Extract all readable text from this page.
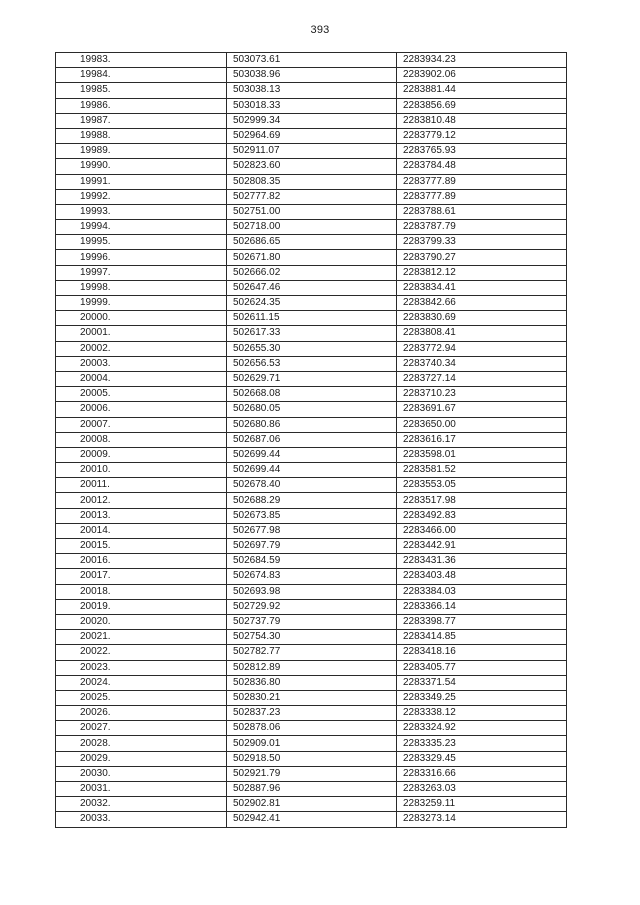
393
19983.	503073.61	2283934.23
19984.	503038.96	2283902.06
19985.	503038.13	2283881.44
19986.	503018.33	2283856.69
19987.	502999.34	2283810.48
19988.	502964.69	2283779.12
19989.	502911.07	2283765.93
19990.	502823.60	2283784.48
19991.	502808.35	2283777.89
19992.	502777.82	2283777.89
19993.	502751.00	2283788.61
19994.	502718.00	2283787.79
19995.	502686.65	2283799.33
19996.	502671.80	2283790.27
19997.	502666.02	2283812.12
19998.	502647.46	2283834.41
19999.	502624.35	2283842.66
20000.	502611.15	2283830.69
20001.	502617.33	2283808.41
20002.	502655.30	2283772.94
20003.	502656.53	2283740.34
20004.	502629.71	2283727.14
20005.	502668.08	2283710.23
20006.	502680.05	2283691.67
20007.	502680.86	2283650.00
20008.	502687.06	2283616.17
20009.	502699.44	2283598.01
20010.	502699.44	2283581.52
20011.	502678.40	2283553.05
20012.	502688.29	2283517.98
20013.	502673.85	2283492.83
20014.	502677.98	2283466.00
20015.	502697.79	2283442.91
20016.	502684.59	2283431.36
20017.	502674.83	2283403.48
20018.	502693.98	2283384.03
20019.	502729.92	2283366.14
20020.	502737.79	2283398.77
20021.	502754.30	2283414.85
20022.	502782.77	2283418.16
20023.	502812.89	2283405.77
20024.	502836.80	2283371.54
20025.	502830.21	2283349.25
20026.	502837.23	2283338.12
20027.	502878.06	2283324.92
20028.	502909.01	2283335.23
20029.	502918.50	2283329.45
20030.	502921.79	2283316.66
20031.	502887.96	2283263.03
20032.	502902.81	2283259.11
20033.	502942.41	2283273.14
